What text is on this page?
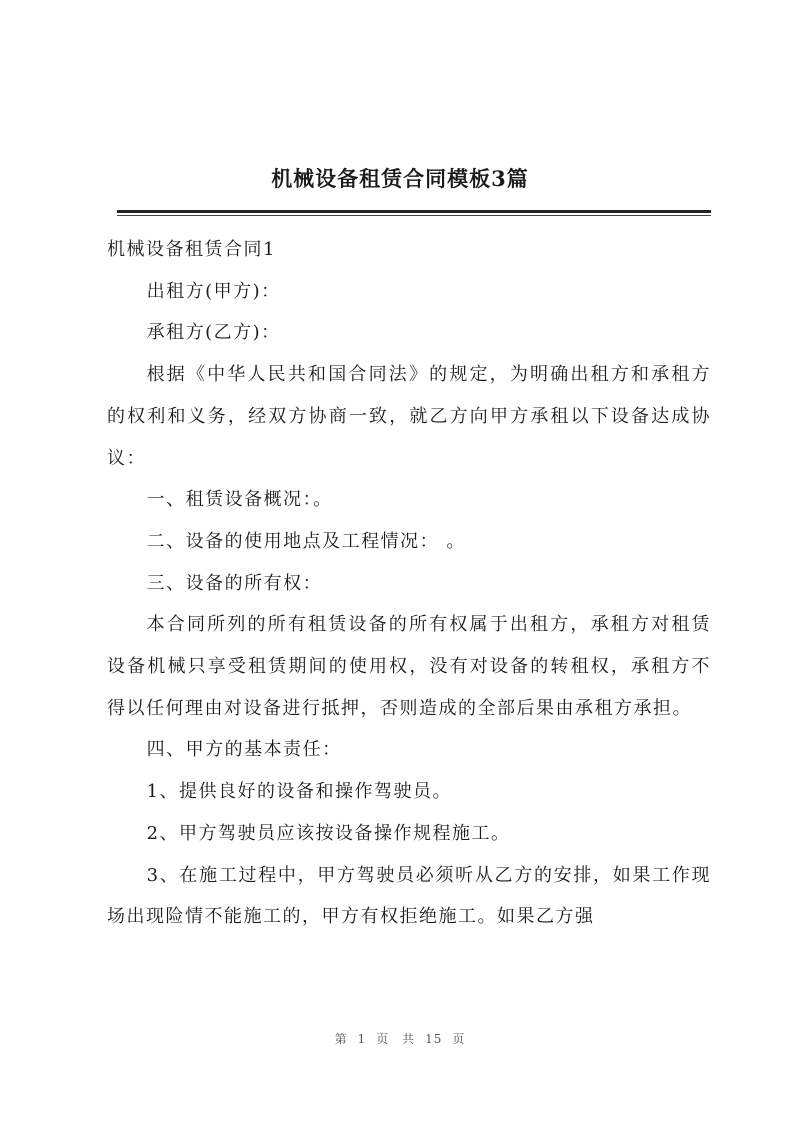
机械设备租赁合同模板3篇

机械设备租赁合同1

出租方(甲方)：

承租方(乙方)：

根据《中华人民共和国合同法》的规定，为明确出租方和承租方的权利和义务，经双方协商一致，就乙方向甲方承租以下设备达成协议：

一、租赁设备概况：。

二、设备的使用地点及工程情况： 。

三、设备的所有权：

本合同所列的所有租赁设备的所有权属于出租方，承租方对租赁设备机械只享受租赁期间的使用权，没有对设备的转租权，承租方不得以任何理由对设备进行抵押，否则造成的全部后果由承租方承担。

四、甲方的基本责任：

1、提供良好的设备和操作驾驶员。

2、甲方驾驶员应该按设备操作规程施工。

3、在施工过程中，甲方驾驶员必须听从乙方的安排，如果工作现场出现险情不能施工的，甲方有权拒绝施工。如果乙方强

第 1 页 共 15 页
